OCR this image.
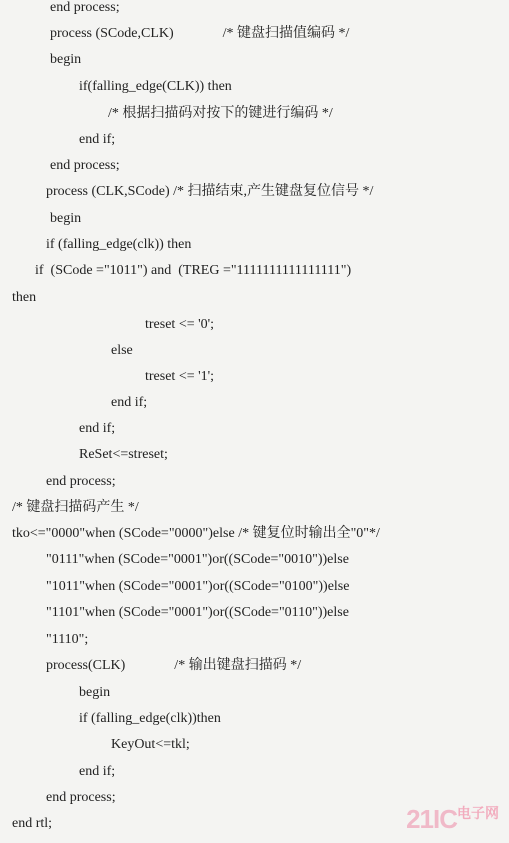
end process;
process (SCode,CLK)              /* 键盘扫描值编码 */
begin
if(falling_edge(CLK)) then
/* 根据扫描码对按下的键进行编码 */
end if;
end process;
process (CLK,SCode) /* 扫描结束,产生键盘复位信号 */
begin
if (falling_edge(clk)) then
if  (SCode ="1011") and  (TREG ="1111111111111111")
then
treset <= '0';
else
treset <= '1';
end if;
end if;
ReSet<=streset;
end process;
/* 键盘扫描码产生 */
tko<="0000"when (SCode="0000")else /* 键复位时输出全"0"*/
"0111"when (SCode="0001")or((SCode="0010"))else
"1011"when (SCode="0001")or((SCode="0100"))else
"1101"when (SCode="0001")or((SCode="0110"))else
"1110";
process(CLK)              /* 输出键盘扫描码 */
begin
if (falling_edge(clk))then
KeyOut<=tkl;
end if;
end process;
end rtl;	$21IC^{电子网}$
